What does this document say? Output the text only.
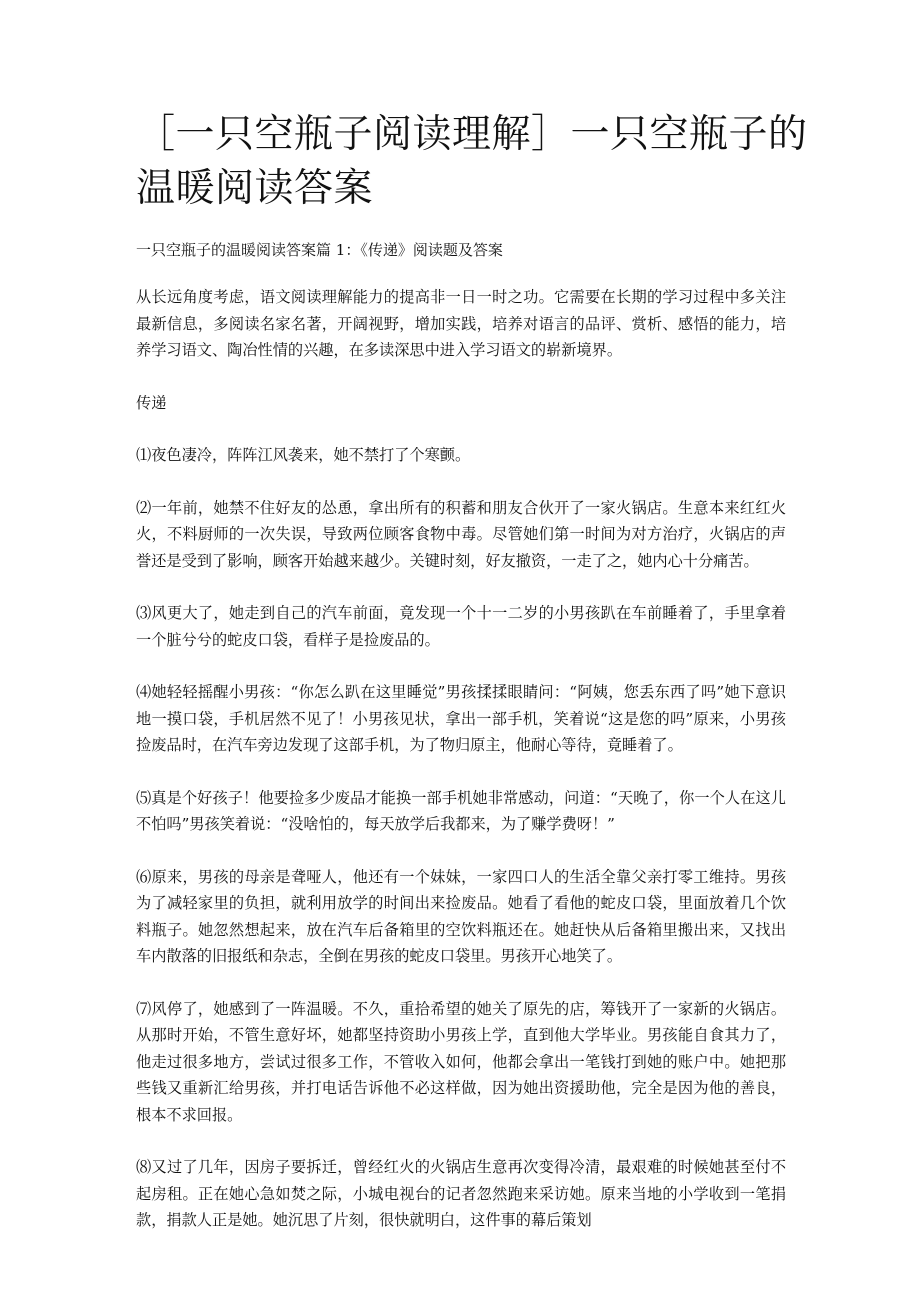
［一只空瓶子阅读理解］一只空瓶子的
温暖阅读答案

一只空瓶子的温暖阅读答案篇 1：《传递》阅读题及答案

从长远角度考虑，语文阅读理解能力的提高非一日一时之功。它需要在长期的学习过程中多关注最新信息，多阅读名家名著，开阔视野，增加实践，培养对语言的品评、赏析、感悟的能力，培养学习语文、陶冶性情的兴趣，在多读深思中进入学习语文的崭新境界。

传递

⑴夜色凄冷，阵阵江风袭来，她不禁打了个寒颤。

⑵一年前，她禁不住好友的怂恿，拿出所有的积蓄和朋友合伙开了一家火锅店。生意本来红红火火，不料厨师的一次失误，导致两位顾客食物中毒。尽管她们第一时间为对方治疗，火锅店的声誉还是受到了影响，顾客开始越来越少。关键时刻，好友撤资，一走了之，她内心十分痛苦。

⑶风更大了，她走到自己的汽车前面，竟发现一个十一二岁的小男孩趴在车前睡着了，手里拿着一个脏兮兮的蛇皮口袋，看样子是捡废品的。

⑷她轻轻摇醒小男孩：“你怎么趴在这里睡觉”男孩揉揉眼睛问：“阿姨，您丢东西了吗”她下意识地一摸口袋，手机居然不见了！小男孩见状，拿出一部手机，笑着说“这是您的吗”原来，小男孩捡废品时，在汽车旁边发现了这部手机，为了物归原主，他耐心等待，竟睡着了。

⑸真是个好孩子！他要捡多少废品才能换一部手机她非常感动，问道：“天晚了，你一个人在这儿不怕吗”男孩笑着说：“没啥怕的，每天放学后我都来，为了赚学费呀！”

⑹原来，男孩的母亲是聋哑人，他还有一个妹妹，一家四口人的生活全靠父亲打零工维持。男孩为了减轻家里的负担，就利用放学的时间出来捡废品。她看了看他的蛇皮口袋，里面放着几个饮料瓶子。她忽然想起来，放在汽车后备箱里的空饮料瓶还在。她赶快从后备箱里搬出来，又找出车内散落的旧报纸和杂志，全倒在男孩的蛇皮口袋里。男孩开心地笑了。

⑺风停了，她感到了一阵温暖。不久，重拾希望的她关了原先的店，筹钱开了一家新的火锅店。从那时开始，不管生意好坏，她都坚持资助小男孩上学，直到他大学毕业。男孩能自食其力了，他走过很多地方，尝试过很多工作，不管收入如何，他都会拿出一笔钱打到她的账户中。她把那些钱又重新汇给男孩，并打电话告诉他不必这样做，因为她出资援助他，完全是因为他的善良，根本不求回报。

⑻又过了几年，因房子要拆迁，曾经红火的火锅店生意再次变得冷清，最艰难的时候她甚至付不起房租。正在她心急如焚之际，小城电视台的记者忽然跑来采访她。原来当地的小学收到一笔捐款，捐款人正是她。她沉思了片刻，很快就明白，这件事的幕后策划
